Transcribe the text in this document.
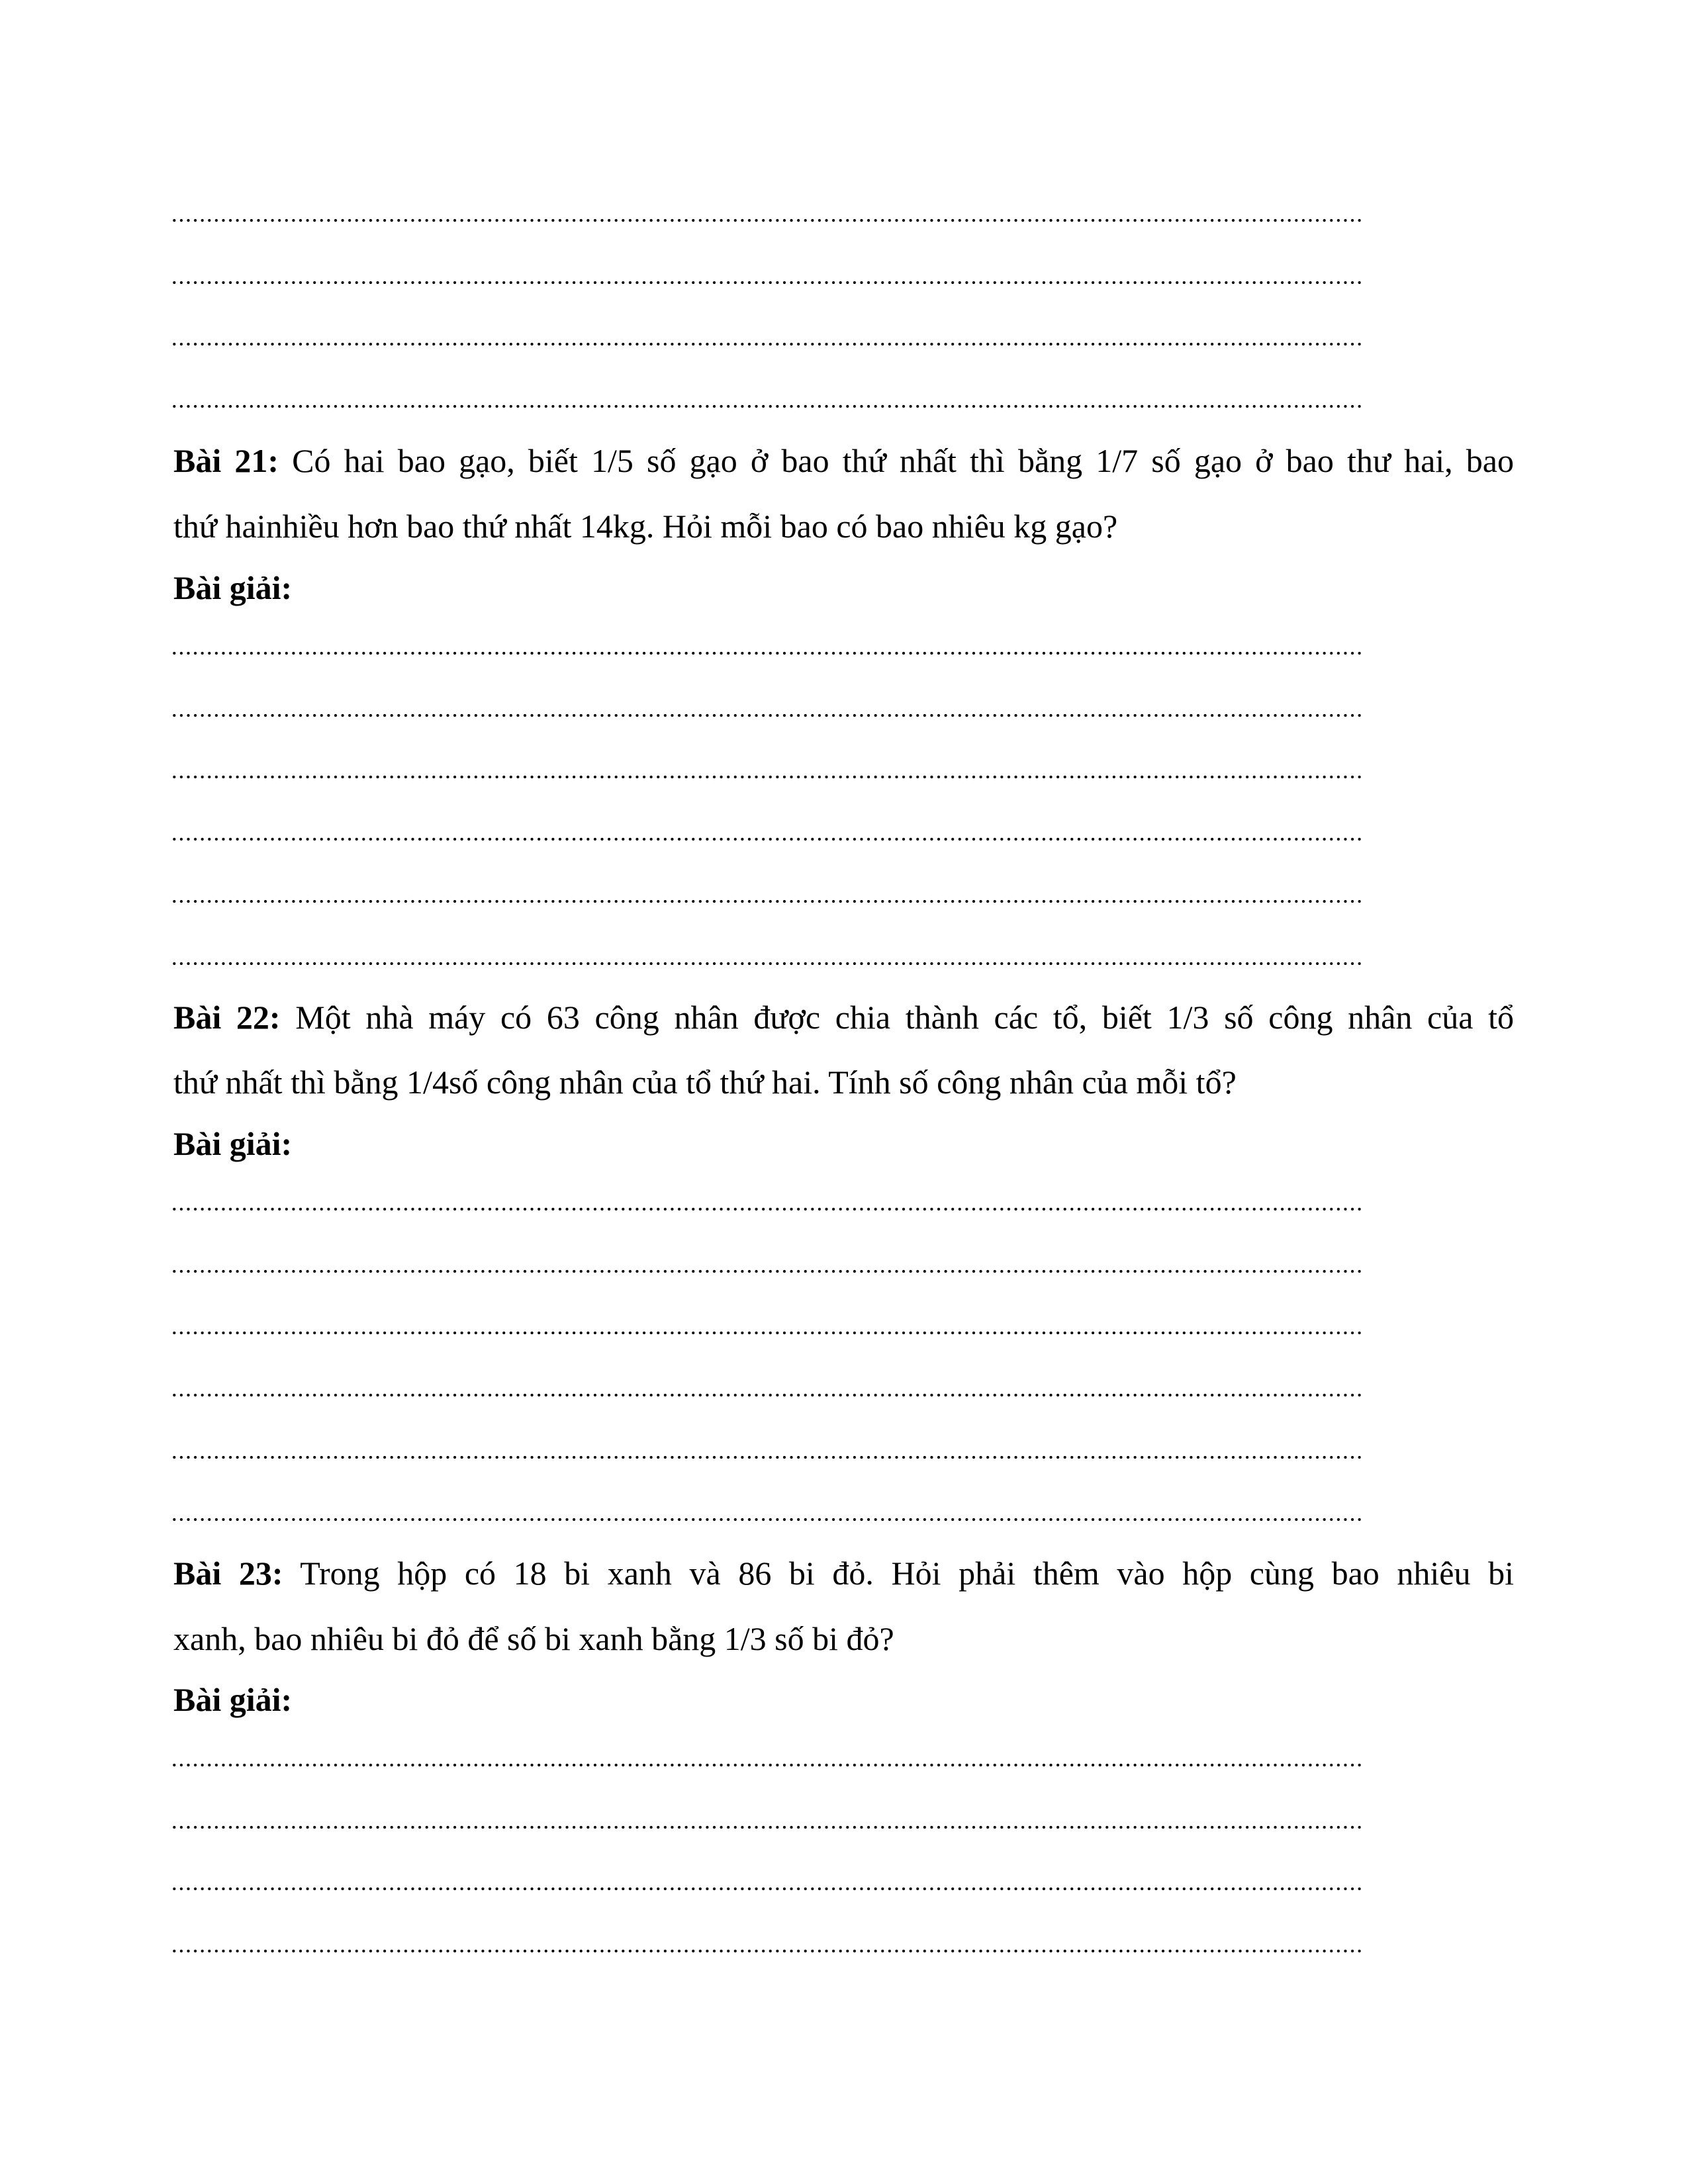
Bài 21: Có hai bao gạo, biết 1/5 số gạo ở bao thứ nhất thì bằng 1/7 số gạo ở bao thư hai, bao
thứ hainhiều hơn bao thứ nhất 14kg. Hỏi mỗi bao có bao nhiêu kg gạo?
Bài giải:
Bài 22: Một nhà máy có 63 công nhân được chia thành các tổ, biết 1/3 số công nhân của tổ
thứ nhất thì bằng 1/4số công nhân của tổ thứ hai. Tính số công nhân của mỗi tổ?
Bài giải:
Bài 23: Trong hộp có 18 bi xanh và 86 bi đỏ. Hỏi phải thêm vào hộp cùng bao nhiêu bi
xanh, bao nhiêu bi đỏ để số bi xanh bằng 1/3 số bi đỏ?
Bài giải:
